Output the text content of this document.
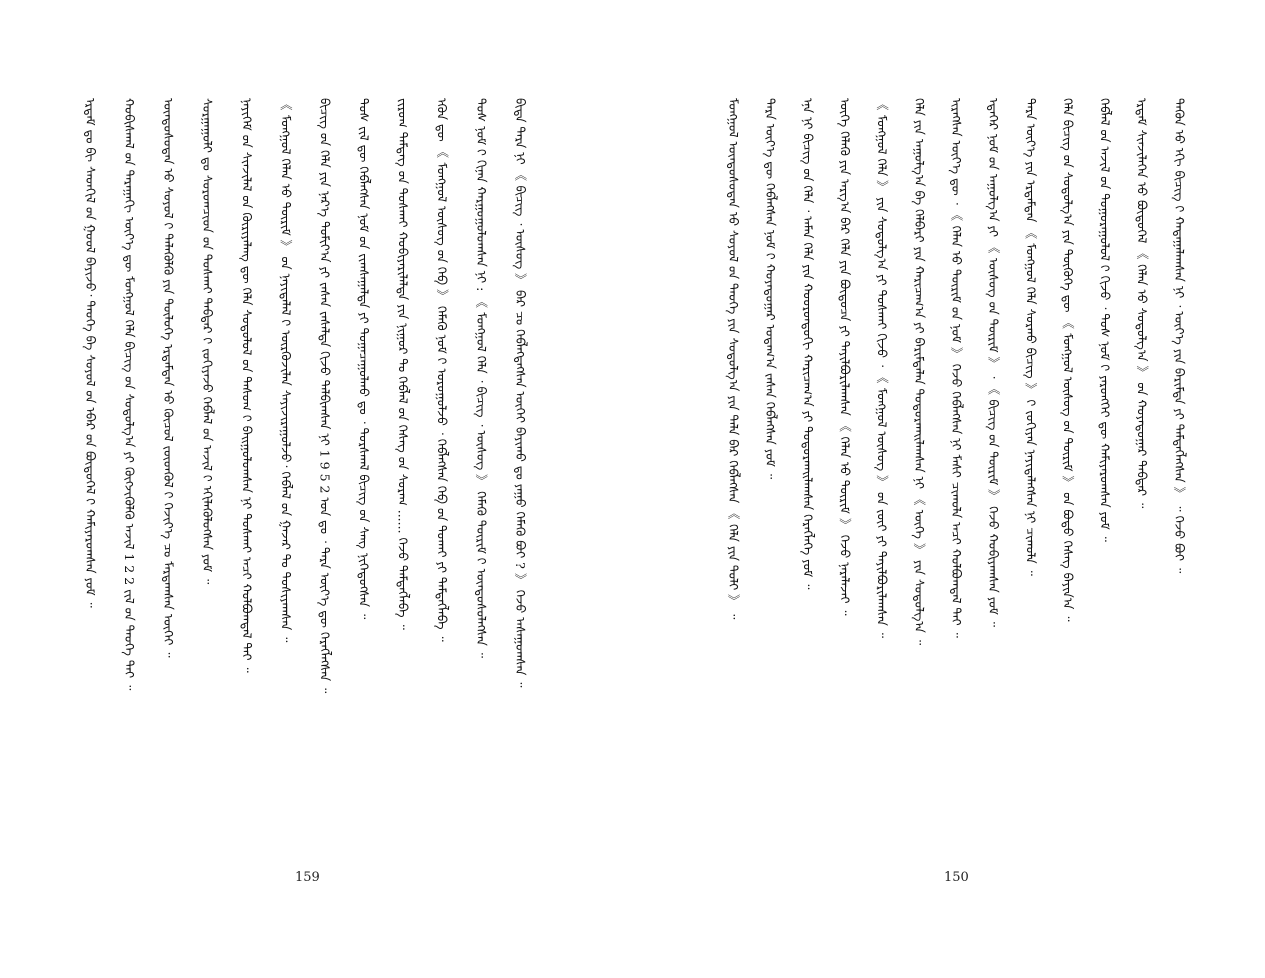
ᠡᠷᠳᠡᠮ ᠳᠤ ᠪᠢ ᠰᠡᠳᠬᠢᠯ ᠦ᠋ᠨ ᠭᠤᠤᠯ ᠪᠠᠶᠢᠵᠤ᠂ ᠲᠡᠦᠬᠡ ᠪᠠ ᠰᠤᠶᠤᠯ ᠤ᠋ᠨ ᠡᠪᠡᠷ ᠦ᠋ᠨ ᠪᠦᠲᠦᠭᠡᠯ ᠢ᠋ ᠬᠠᠮᠢᠶᠠᠷᠤᠭᠰᠠᠨ ᠶᠤᠮ ᠃ ᠬᠤᠪᠢᠰᠬᠠᠯ ᠦ᠋ᠨ ᠳᠠᠷᠠᠭᠠᠬᠢ ᠦᠶ᠎ᠡ ᠳᠦ ᠮᠤᠩᠭᠤᠯ ᠬᠡᠯᠡ ᠪᠢᠴᠢᠭ ᠦ᠋ᠨ ᠰᠤᠳᠤᠯᠭ᠎ᠠ ᠶᠢ ᠬᠦᠭᠵᠢᠭᠦᠯᠬᠦ ᠠᠵᠢᠯ 1 2 2 ᠵᠢᠯ ᠦ᠋ᠨ ᠲᠡᠦᠬᠡ ᠲᠠᠢ ᠃ ᠦᠨᠳᠦᠰᠦᠲᠡᠨ ᠦ᠋ ᠰᠤᠶᠤᠯ ᠢ᠋ ᠲᠡᠯᠡᠭᠦᠯᠬᠦ ᠶᠢᠨ ᠲᠥᠯᠥᠭᠡ ᠡᠷᠳᠡᠮᠲᠡᠨ ᠦ᠋ ᠬᠦᠴᠦᠯ ᠵᠦᠳᠭᠦᠯ ᠢ᠋ ᠬᠡᠵᠢᠶ᠎ᠡ ᠴᠤ ᠮᠠᠷᠲᠠᠭᠰᠠᠨ ᠦᠭᠡᠢ ᠃ ᠰᠤᠷᠭᠠᠭᠤᠯᠢ ᠳᠤ ᠰᠤᠷᠤᠭᠴᠢᠳ ᠤ᠋ᠨ ᠲᠤᠰᠬᠠᠢ ᠳᠡᠪᠲᠡᠷ ᠢ᠋ ᠵᠤᠬᠢᠶᠠᠵᠤ ᠬᠡᠪᠯᠡᠯ ᠦ᠋ᠨ ᠠᠵᠢᠯ ᠢ᠋ ᠡᠬᠢᠯᠡᠭᠦᠯᠦᠭᠰᠡᠨ ᠶᠤᠮ ᠃ ᠨᠡᠶᠢᠭᠡᠮ ᠦ᠋ᠨ ᠰᠢᠨᠵᠢᠯᠡᠯ ᠦ᠋ᠨ ᠬᠦᠷᠢᠶᠡᠯᠡᠩ ᠳᠦ ᠬᠡᠯᠡ ᠰᠤᠳᠤᠯᠤᠯ ᠤ᠋ᠨ ᠲᠠᠰᠤᠭ ᠢ᠋ ᠪᠠᠢᠭᠤᠯᠤᠭᠰᠠᠨ ᠨᠢ ᠲᠤᠰᠬᠠᠢ ᠠᠴᠢ ᠬᠤᠯᠪᠤᠭᠳᠠᠯ ᠲᠠᠢ ᠃ 《 ᠮᠤᠩᠭᠤᠯ ᠬᠡᠯᠡᠨ ᠦ᠋ ᠳᠦᠷᠢᠮ 》 ᠦ᠋ᠨ ᠨᠡᠶᠢᠲᠡᠯᠡᠯ ᠢ᠋ ᠦᠷᠭᠦᠵᠢᠯᠡᠨ ᠰᠠᠶᠢᠵᠢᠷᠠᠭᠤᠯᠵᠤ᠂ ᠬᠡᠪᠯᠡᠯ ᠦ᠋ᠨ ᠭᠠᠵᠠᠷ ᠲᠤ ᠲᠤᠰᠢᠶᠠᠭᠰᠠᠨ ᠃ ᠪᠢᠴᠢᠭ ᠦ᠋ᠨ ᠬᠡᠯᠡ ᠶᠢᠨ ᠨᠡᠷ᠎ᠡ ᠲᠣᠮᠢᠶ᠎ᠠ ᠶᠢ ᠵᠠᠰᠠᠨ ᠵᠠᠰᠠᠯᠲᠠ ᠬᠢᠵᠦ ᠲᠠᠯᠪᠢᠭᠰᠠᠨ ᠨᠢ 1 9 5 2 ᠣᠨ ᠳᠤ ᠂ ᠲᠡᠷᠡ ᠦᠶ᠎ᠡ ᠳᠦ ᠬᠡᠷᠡᠭᠯᠡᠭᠰᠡᠨ ᠃ ᠲᠤᠰ ᠵᠢᠯ ᠳᠦ ᠬᠡᠪᠯᠡᠭᠰᠡᠨ ᠨᠣᠮ ᠤ᠋ᠨ ᠵᠢᠭᠰᠠᠭᠠᠯᠲᠠ ᠶᠢ ᠲᠣᠭᠠᠴᠠᠭᠤᠯᠬᠤ ᠳᠤ ᠂ ᠳᠤᠷᠰᠬᠠᠯ ᠪᠢᠴᠢᠭ ᠦ᠋ᠨ ᠰᠠᠩ ᠨᠢᠭᠡᠳᠦᠭᠰᠡᠨ ᠃ ᠵᠢᠷᠤᠭ ᠲᠡᠮᠳᠡᠭ ᠦ᠋ᠨ ᠲᠤᠰᠬᠠᠢ ᠬᠤᠪᠢᠶᠠᠷᠢᠯᠠᠯᠲᠠ ᠶᠢᠨ ᠨᠢᠭᠤᠷ ᠲᠤ ᠬᠡᠪᠯᠡᠯ ᠦ᠋ᠨ ᠬᠡᠰᠡᠭ ᠦ᠋ᠨ ᠰᠤᠷᠠᠭ ...... ᠭᠡᠵᠦ ᠲᠡᠮᠳᠡᠭᠯᠡᠪᠡ ᠃ ᠡᠭᠦᠨ ᠳᠦ 《 ᠮᠣᠩᠭᠣᠯ ᠦᠰᠦᠭ ᠦ᠋ᠨ ᠬᠡᠪ 》 ᠬᠡᠮᠡᠬᠦ ᠨᠣᠮ ᠢ᠋ ᠣᠷᠣᠭᠤᠯᠵᠤ ᠂ ᠬᠡᠪᠯᠡᠭᠰᠡᠨ ᠬᠡᠪ ᠦ᠋ᠨ ᠲᠤᠬᠠᠢ ᠶᠢ ᠲᠡᠮᠳᠡᠭᠯᠡᠪᠡ ᠃ ᠲᠤᠰ ᠨᠣᠮ ᠢ᠋ ᠬᠢᠨᠠᠨ ᠬᠠᠷᠭᠤᠭᠤᠯᠤᠭᠰᠠᠨ ᠨᠢ : 《 ᠮᠣᠩᠭᠣᠯ ᠬᠡᠯᠡ ᠂ ᠪᠢᠴᠢᠭ ᠂ ᠦᠰᠦᠭ 》 ᠬᠡᠮᠡᠬᠦ ᠳᠦᠷᠢᠮ ᠢ᠋ ᠦᠨᠳᠦᠰᠦᠯᠡᠭᠰᠡᠨ ᠃ ᠪᠢᠳᠡ ᠲᠡᠷᠡ ᠨᠢ 《 ᠪᠢᠴᠢᠭ ᠂ ᠦᠰᠦᠭ 》 ᠪᠡᠷ ᠴᠤ ᠬᠡᠪᠯᠡᠭᠳᠡᠭᠰᠡᠨ ᠦᠭᠡᠢ ᠪᠠᠶᠢᠬᠤ ᠳᠤ ᠶᠠᠭᠤ ᠬᠡᠮᠡᠬᠦ ᠪᠤᠢ ? 》 ᠭᠡᠵᠦ ᠠᠰᠠᠭᠤᠭᠰᠠᠨ ᠃
159
ᠮᠣᠩᠭᠣᠯ ᠦᠨᠳᠦᠰᠦᠲᠡᠨ ᠦ᠋ ᠰᠣᠶᠣᠯ ᠤ᠋ᠨ ᠲᠡᠦᠬᠡ ᠶᠢᠨ ᠰᠤᠳᠤᠯᠭ᠎ᠠ ᠶᠢᠨ ᠲᠠᠯᠠ ᠪᠠᠷ ᠬᠡᠪᠯᠡᠭᠰᠡᠨ 《 ᠬᠡᠯᠡ ᠶᠢᠨ ᠲᠣᠯᠢ 》 ᠃ ᠲᠡᠷᠡ ᠦᠶ᠎ᠡ ᠳᠦ ᠬᠡᠪᠯᠡᠭᠰᠡᠨ ᠨᠣᠮ ᠢ᠋ ᠬᠣᠶᠠᠳᠤᠭᠠᠷ ᠤᠳᠠᠭ᠎ᠠ ᠵᠠᠰᠠᠨ ᠬᠡᠪᠯᠡᠭᠰᠡᠨ ᠶᠤᠮ ᠃ ᠡᠨᠡ ᠨᠢ ᠪᠢᠴᠢᠭ ᠦ᠋ᠨ ᠬᠡᠯᠡ ᠂ ᠠᠮᠠᠨ ᠬᠡᠯᠡ ᠶᠢᠨ ᠬᠣᠣᠷᠤᠨᠳᠤᠬᠢ ᠬᠠᠷᠢᠴᠠᠭ᠎ᠠ ᠶᠢ ᠲᠣᠳᠤᠷᠬᠠᠢᠯᠠᠭᠰᠠᠨ ᠬᠡᠷᠡᠭᠯᠡᠭᠡ ᠶᠤᠮ ᠃ ᠦᠭᠡ ᠬᠡᠯᠡᠬᠦ ᠶᠢᠨ ᠠᠷᠭ᠎ᠠ ᠪᠠᠷ ᠬᠡᠯᠡ ᠶᠢᠨ ᠪᠦᠲᠦᠴᠡ ᠶᠢ ᠲᠠᠶᠢᠯᠪᠤᠷᠢᠯᠠᠭᠰᠠᠨ 《 ᠬᠡᠯᠡᠨ ᠦ᠋ ᠳᠦᠷᠢᠮ 》 ᠭᠡᠵᠦ ᠨᠡᠷᠡᠯᠡᠵᠡᠢ ᠃ 《 ᠮᠣᠩᠭᠣᠯ ᠬᠡᠯᠡ 》 ᠶᠢᠨ ᠰᠤᠳᠤᠯᠭ᠎ᠠ ᠶᠢ ᠲᠤᠰᠬᠠᠢ ᠬᠢᠵᠦ ᠂ 《 ᠮᠣᠩᠭᠣᠯ ᠦᠰᠦᠭ 》 ᠦ᠋ᠨ ᠵᠦᠢ ᠶᠢ ᠲᠠᠶᠢᠯᠪᠤᠷᠢᠯᠠᠭᠰᠠᠨ ᠃ ᠬᠡᠯᠡ ᠶᠢᠨ ᠠᠭᠤᠯᠭ᠎ᠠ ᠪᠠ ᠬᠡᠯᠪᠡᠷᠢ ᠶᠢᠨ ᠬᠠᠷᠢᠴᠠᠭ᠎ᠠ ᠶᠢ ᠪᠠᠷᠢᠮᠲᠠᠯᠠᠨ ᠲᠣᠳᠤᠷᠬᠠᠢᠯᠠᠭᠰᠠᠨ ᠨᠢ 《 ᠦᠭᠡ 》 ᠶᠢᠨ ᠰᠤᠳᠤᠯᠭ᠎ᠠ ᠃ ᠢᠷᠡᠭᠰᠡᠨ ᠦᠶ᠎ᠡ ᠳᠦ ᠂ 《 ᠬᠡᠯᠡᠨ ᠦ᠋ ᠳᠦᠷᠢᠮ ᠦ᠋ᠨ ᠨᠣᠮ 》 ᠭᠡᠵᠦ ᠬᠡᠪᠯᠡᠭᠰᠡᠨ ᠨᠢ ᠮᠠᠰᠢ ᠴᠢᠬᠤᠯᠠ ᠠᠴᠢ ᠬᠣᠯᠪᠣᠭᠳᠠᠯ ᠲᠠᠢ ᠃ ᠡᠳᠡᠭᠡᠷ ᠨᠣᠮ ᠤ᠋ᠨ ᠠᠭᠤᠯᠭ᠎ᠠ ᠶᠢ 《 ᠦᠰᠦᠭ ᠦ᠋ᠨ ᠳᠦᠷᠢᠮ 》 ᠂ 《 ᠪᠢᠴᠢᠭ ᠦ᠋ᠨ ᠳᠦᠷᠢᠮ 》 ᠭᠡᠵᠦ ᠬᠤᠪᠢᠶᠠᠭᠰᠠᠨ ᠶᠤᠮ ᠃ ᠲᠡᠷᠡ ᠦᠶ᠎ᠡ ᠶᠢᠨ ᠡᠷᠳᠡᠮᠲᠡᠨ 《 ᠮᠣᠩᠭᠣᠯ ᠬᠡᠯᠡ ᠰᠤᠷᠬᠤ ᠪᠢᠴᠢᠭ 》 ᠢ᠋ ᠵᠣᠬᠢᠶᠠᠨ ᠨᠡᠶᠢᠲᠡᠯᠡᠭᠰᠡᠨ ᠨᠢ ᠴᠢᠬᠤᠯᠠ ᠃ ᠬᠡᠯᠡ ᠪᠢᠴᠢᠭ ᠦ᠋ᠨ ᠰᠤᠳᠤᠯᠭ᠎ᠠ ᠶᠢᠨ ᠲᠦᠭᠦᠬᠡ ᠳᠦ 《 ᠮᠣᠩᠭᠣᠯ ᠦᠰᠦᠭ ᠦ᠋ᠨ ᠳᠦᠷᠢᠮ 》 ᠦ᠋ᠨ ᠪᠣᠲᠣ ᠬᠡᠰᠡᠭ ᠪᠠᠶᠢᠨ᠎ᠠ ᠃ ᠬᠡᠪᠯᠡᠯ ᠦ᠋ᠨ ᠠᠵᠢᠯ ᠤ᠋ᠨ ᠲᠤᠭᠤᠷᠠᠭᠤᠯᠤᠯ ᠢ᠋ ᠬᠢᠵᠦ ᠂ ᠲᠤᠰ ᠨᠣᠮ ᠢ᠋ ᠶᠡᠷᠦᠩᠬᠡᠢ ᠳᠦ ᠬᠠᠮᠢᠶᠠᠷᠤᠭᠰᠠᠨ ᠶᠤᠮ ᠃ ᠡᠷᠳᠡᠮ ᠰᠢᠨᠵᠢᠯᠡᠭᠡᠨ ᠦ᠋ ᠪᠦᠲᠦᠭᠡᠯ 《 ᠬᠡᠯᠡᠨ ᠦ᠋ ᠰᠤᠳᠤᠯᠭ᠎ᠠ 》 ᠦ᠋ᠨ ᠬᠣᠶᠠᠳᠤᠭᠠᠷ ᠳᠡᠪᠲᠡᠷ ᠃ ᠲᠡᠭᠦᠨ ᠦ᠋ ᠡᠬᠢ ᠪᠢᠴᠢᠭ ᠢ᠋ ᠬᠠᠳᠠᠭᠠᠯᠠᠭᠰᠠᠨ ᠨᠢ ᠂ ᠦᠶ᠎ᠡ ᠶᠢᠨ ᠪᠠᠷᠢᠮᠲᠠ ᠶᠢ ᠲᠡᠮᠳᠡᠭᠯᠡᠭᠰᠡᠨ 》 ᠃ ᠭᠡᠵᠦ ᠪᠤᠢ ᠃
150
